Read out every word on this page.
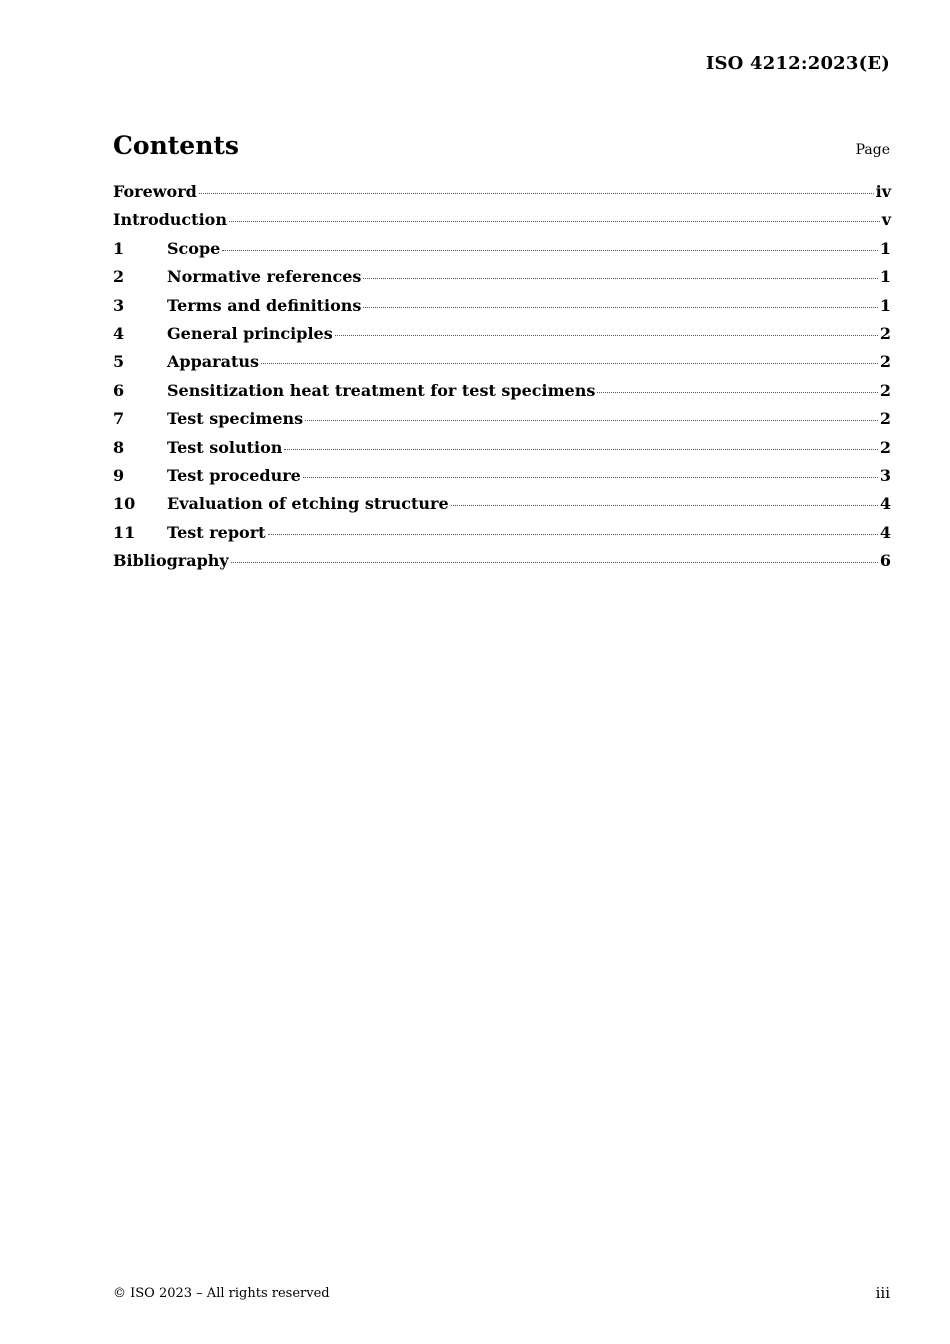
ISO 4212:2023(E)
Contents	Page
Foreword	iv
Introduction	v
1	Scope	1
2	Normative references	1
3	Terms and definitions	1
4	General principles	2
5	Apparatus	2
6	Sensitization heat treatment for test specimens	2
7	Test specimens	2
8	Test solution	2
9	Test procedure	3
10	Evaluation of etching structure	4
11	Test report	4
Bibliography	6
© ISO 2023 – All rights reserved	iii
